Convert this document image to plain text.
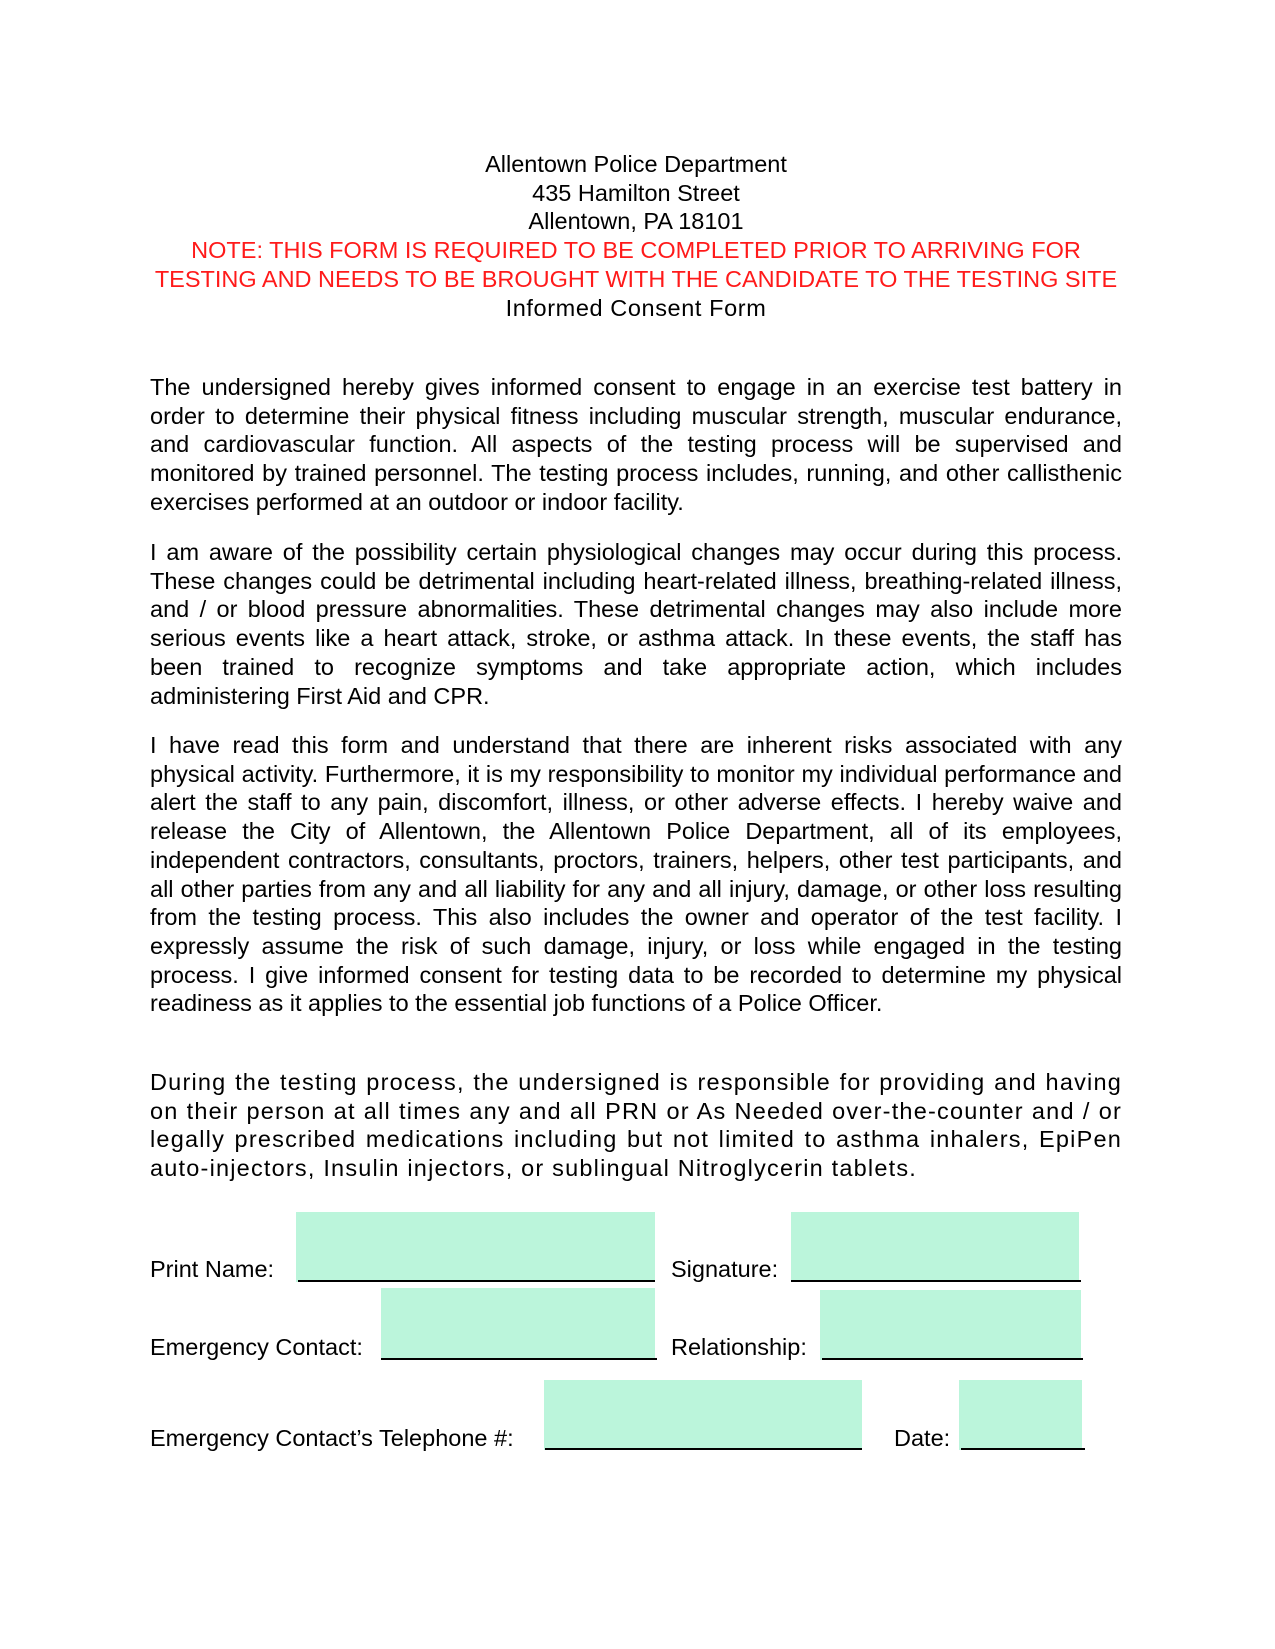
Allentown Police Department
435 Hamilton Street
Allentown, PA 18101
NOTE: THIS FORM IS REQUIRED TO BE COMPLETED PRIOR TO ARRIVING FOR TESTING AND NEEDS TO BE BROUGHT WITH THE CANDIDATE TO THE TESTING SITE
Informed Consent Form

The undersigned hereby gives informed consent to engage in an exercise test battery in order to determine their physical fitness including muscular strength, muscular endurance, and cardiovascular function. All aspects of the testing process will be supervised and monitored by trained personnel. The testing process includes, running, and other callisthenic exercises performed at an outdoor or indoor facility.

I am aware of the possibility certain physiological changes may occur during this process. These changes could be detrimental including heart-related illness, breathing-related illness, and / or blood pressure abnormalities. These detrimental changes may also include more serious events like a heart attack, stroke, or asthma attack. In these events, the staff has been trained to recognize symptoms and take appropriate action, which includes administering First Aid and CPR.

I have read this form and understand that there are inherent risks associated with any physical activity. Furthermore, it is my responsibility to monitor my individual performance and alert the staff to any pain, discomfort, illness, or other adverse effects. I hereby waive and release the City of Allentown, the Allentown Police Department, all of its employees, independent contractors, consultants, proctors, trainers, helpers, other test participants, and all other parties from any and all liability for any and all injury, damage, or other loss resulting from the testing process. This also includes the owner and operator of the test facility. I expressly assume the risk of such damage, injury, or loss while engaged in the testing process. I give informed consent for testing data to be recorded to determine my physical readiness as it applies to the essential job functions of a Police Officer.

During the testing process, the undersigned is responsible for providing and having on their person at all times any and all PRN or As Needed over-the-counter and / or legally prescribed medications including but not limited to asthma inhalers, EpiPen auto-injectors, Insulin injectors, or sublingual Nitroglycerin tablets.

Print Name:	Signature:
Emergency Contact:	Relationship:
Emergency Contact’s Telephone #:	Date:
